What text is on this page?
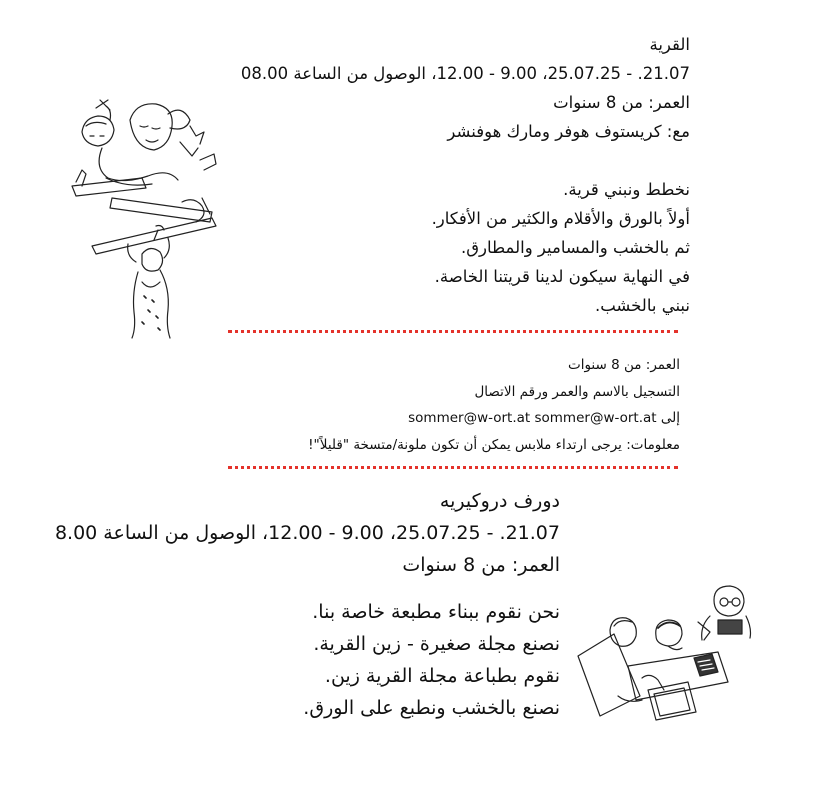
القرية
21.07. - 25.07.25، 9.00 - 12.00، الوصول من الساعة 08.00
العمر: من 8 سنوات
مع: كريستوف هوفر ومارك هوفنشر
نخطط ونبني قرية.
أولاً بالورق والأقلام والكثير من الأفكار.
ثم بالخشب والمسامير والمطارق.
في النهاية سيكون لدينا قريتنا الخاصة.
نبني بالخشب.
العمر: من 8 سنوات
التسجيل بالاسم والعمر ورقم الاتصال
إلى sommer@w-ort.at sommer@w-ort.at
معلومات: يرجى ارتداء ملابس يمكن أن تكون ملونة/متسخة "قليلاً"!
دورف دروكيريه
21.07. - 25.07.25، 9.00 - 12.00، الوصول من الساعة 8.00
العمر: من 8 سنوات
نحن نقوم ببناء مطبعة خاصة بنا.
نصنع مجلة صغيرة - زين القرية.
نقوم بطباعة مجلة القرية زين.
نصنع بالخشب ونطبع على الورق.
